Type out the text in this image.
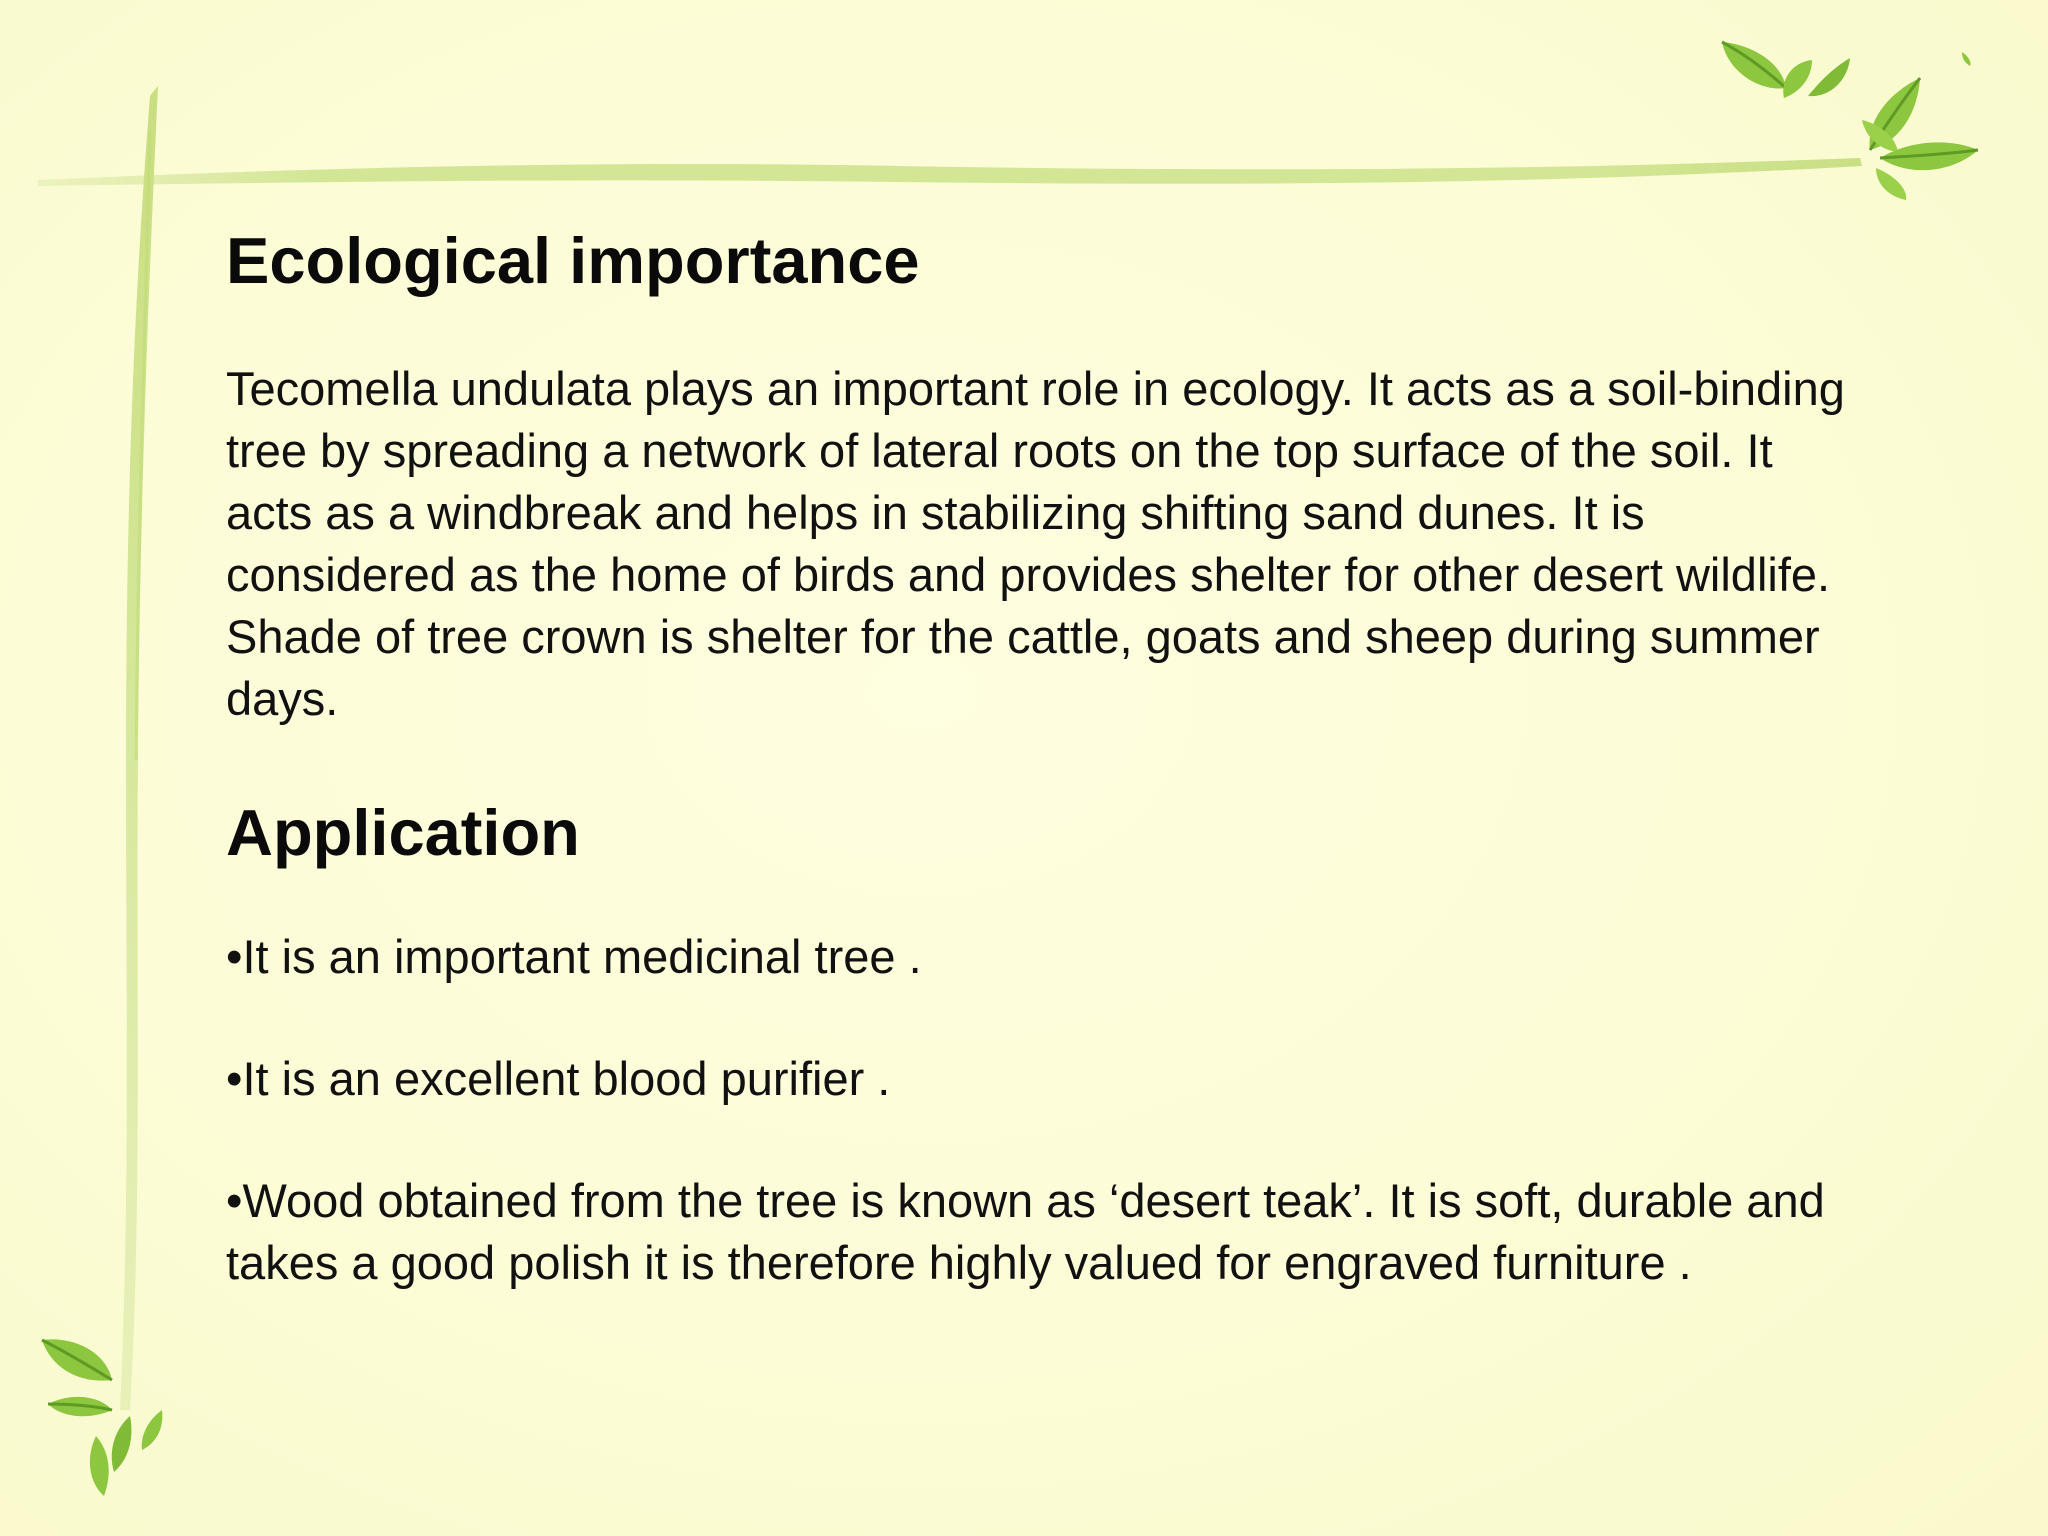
Ecological importance

Tecomella undulata plays an important role in ecology. It acts as a soil-binding tree by spreading a network of lateral roots on the top surface of the soil. It acts as a windbreak and helps in stabilizing shifting sand dunes. It is considered as the home of birds and provides shelter for other desert wildlife. Shade of tree crown is shelter for the cattle, goats and sheep during summer days.

Application
•It is an important medicinal tree .
•It is an excellent blood purifier .
•Wood obtained from the tree is known as ‘desert teak’. It is soft, durable and takes a good polish it is therefore highly valued for engraved furniture .
